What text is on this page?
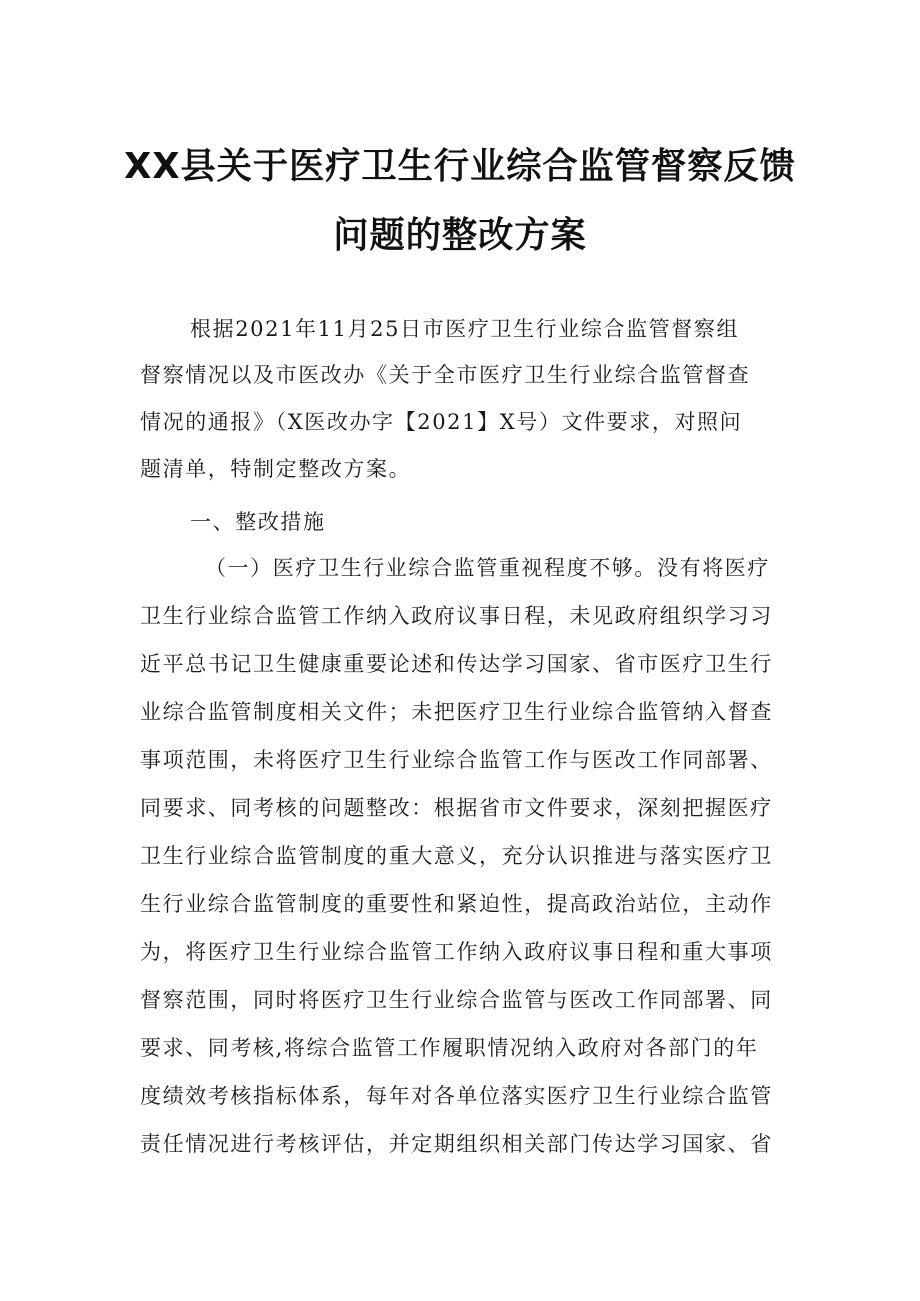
XX县关于医疗卫生行业综合监管督察反馈
问题的整改方案
根据2021年11月25日市医疗卫生行业综合监管督察组
督察情况以及市医改办《关于全市医疗卫生行业综合监管督查
情况的通报》（X医改办字【2021】X号）文件要求，对照问
题清单，特制定整改方案。
一、整改措施
（一）医疗卫生行业综合监管重视程度不够。没有将医疗
卫生行业综合监管工作纳入政府议事日程，未见政府组织学习习
近平总书记卫生健康重要论述和传达学习国家、省市医疗卫生行
业综合监管制度相关文件；未把医疗卫生行业综合监管纳入督查
事项范围，未将医疗卫生行业综合监管工作与医改工作同部署、
同要求、同考核的问题整改：根据省市文件要求，深刻把握医疗
卫生行业综合监管制度的重大意义，充分认识推进与落实医疗卫
生行业综合监管制度的重要性和紧迫性，提高政治站位，主动作
为，将医疗卫生行业综合监管工作纳入政府议事日程和重大事项
督察范围，同时将医疗卫生行业综合监管与医改工作同部署、同
要求、同考核,将综合监管工作履职情况纳入政府对各部门的年
度绩效考核指标体系，每年对各单位落实医疗卫生行业综合监管
责任情况进行考核评估，并定期组织相关部门传达学习国家、省
